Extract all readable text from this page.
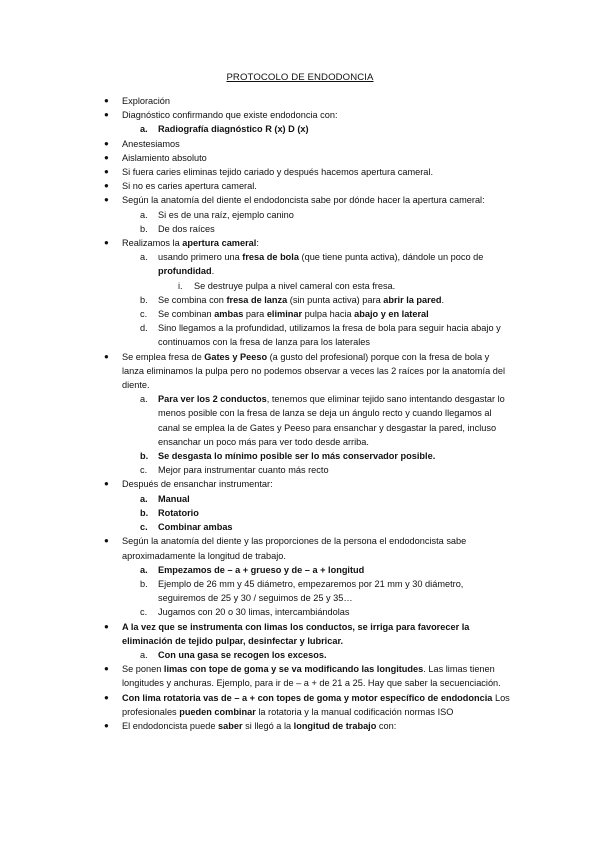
PROTOCOLO DE ENDODONCIA
● Exploración
● Diagnóstico confirmando que existe endodoncia con:
a. Radiografía diagnóstico R (x) D (x)
● Anestesiamos
● Aislamiento absoluto
● Si fuera caries eliminas tejido cariado y después hacemos apertura cameral.
● Si no es caries apertura cameral.
● Según la anatomía del diente el endodoncista sabe por dónde hacer la apertura cameral:
a. Si es de una raíz, ejemplo canino
b. De dos raíces
● Realizamos la apertura cameral:
a. usando primero una fresa de bola (que tiene punta activa), dándole un poco de profundidad.
i. Se destruye pulpa a nivel cameral con esta fresa.
b. Se combina con fresa de lanza (sin punta activa) para abrir la pared.
c. Se combinan ambas para eliminar pulpa hacia abajo y en lateral
d. Sino llegamos a la profundidad, utilizamos la fresa de bola para seguir hacia abajo y continuamos con la fresa de lanza para los laterales
● Se emplea fresa de Gates y Peeso (a gusto del profesional) porque con la fresa de bola y lanza eliminamos la pulpa pero no podemos observar a veces las 2 raíces por la anatomía del diente.
a. Para ver los 2 conductos, tenemos que eliminar tejido sano intentando desgastar lo menos posible con la fresa de lanza se deja un ángulo recto y cuando llegamos al canal se emplea la de Gates y Peeso para ensanchar y desgastar la pared, incluso ensanchar un poco más para ver todo desde arriba.
b. Se desgasta lo mínimo posible ser lo más conservador posible.
c. Mejor para instrumentar cuanto más recto
● Después de ensanchar instrumentar:
a. Manual
b. Rotatorio
c. Combinar ambas
● Según la anatomía del diente y las proporciones de la persona el endodoncista sabe aproximadamente la longitud de trabajo.
a. Empezamos de – a + grueso y de – a + longitud
b. Ejemplo de 26 mm y 45 diámetro, empezaremos por 21 mm y 30 diámetro, seguiremos de 25 y 30 / seguimos de 25 y 35…
c. Jugamos con 20 o 30 limas, intercambiándolas
● A la vez que se instrumenta con limas los conductos, se irriga para favorecer la eliminación de tejido pulpar, desinfectar y lubricar.
a. Con una gasa se recogen los excesos.
● Se ponen limas con tope de goma y se va modificando las longitudes. Las limas tienen longitudes y anchuras. Ejemplo, para ir de – a + de 21 a 25. Hay que saber la secuenciación.
● Con lima rotatoria vas de – a + con topes de goma y motor específico de endodoncia Los profesionales pueden combinar la rotatoria y la manual codificación normas ISO
● El endodoncista puede saber si llegó a la longitud de trabajo con:
